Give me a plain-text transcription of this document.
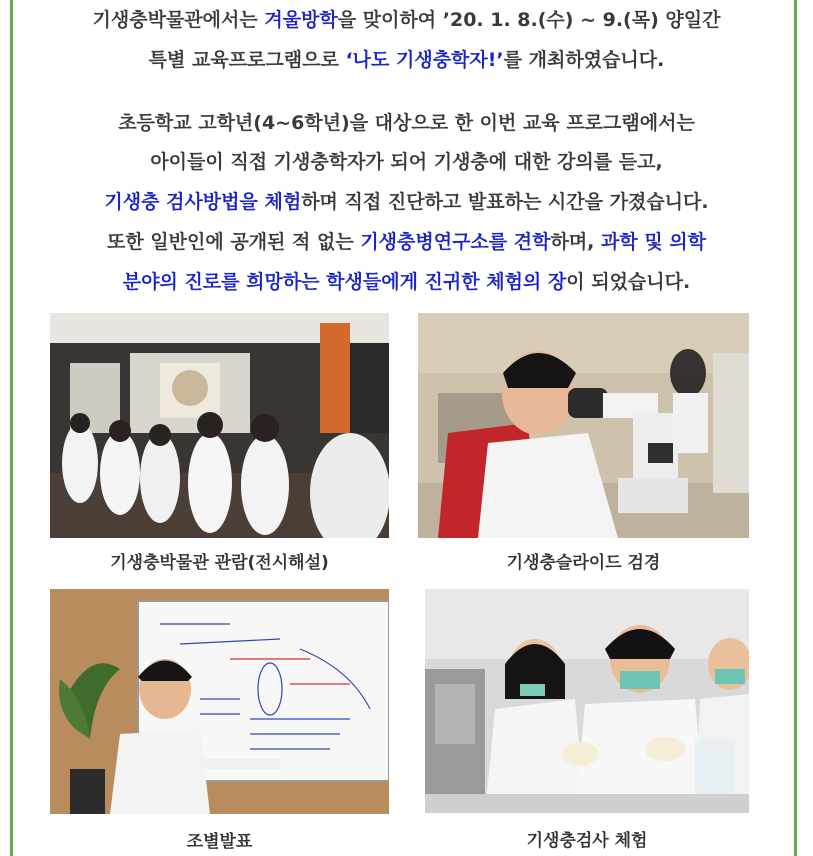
기생충박물관에서는 겨울방학을 맞이하여 ’20. 1. 8.(수) ~ 9.(목) 양일간
특별 교육프로그램으로 ‘나도 기생충학자!’를 개최하였습니다.
초등학교 고학년(4~6학년)을 대상으로 한 이번 교육 프로그램에서는
아이들이 직접 기생충학자가 되어 기생충에 대한 강의를 듣고,
기생충 검사방법을 체험하며 직접 진단하고 발표하는 시간을 가졌습니다.
또한 일반인에 공개된 적 없는 기생충병연구소를 견학하며, 과학 및 의학
분야의 진로를 희망하는 학생들에게 진귀한 체험의 장이 되었습니다.
기생충박물관 관람(전시해설)	기생충슬라이드 검경
조별발표	기생충검사 체험
